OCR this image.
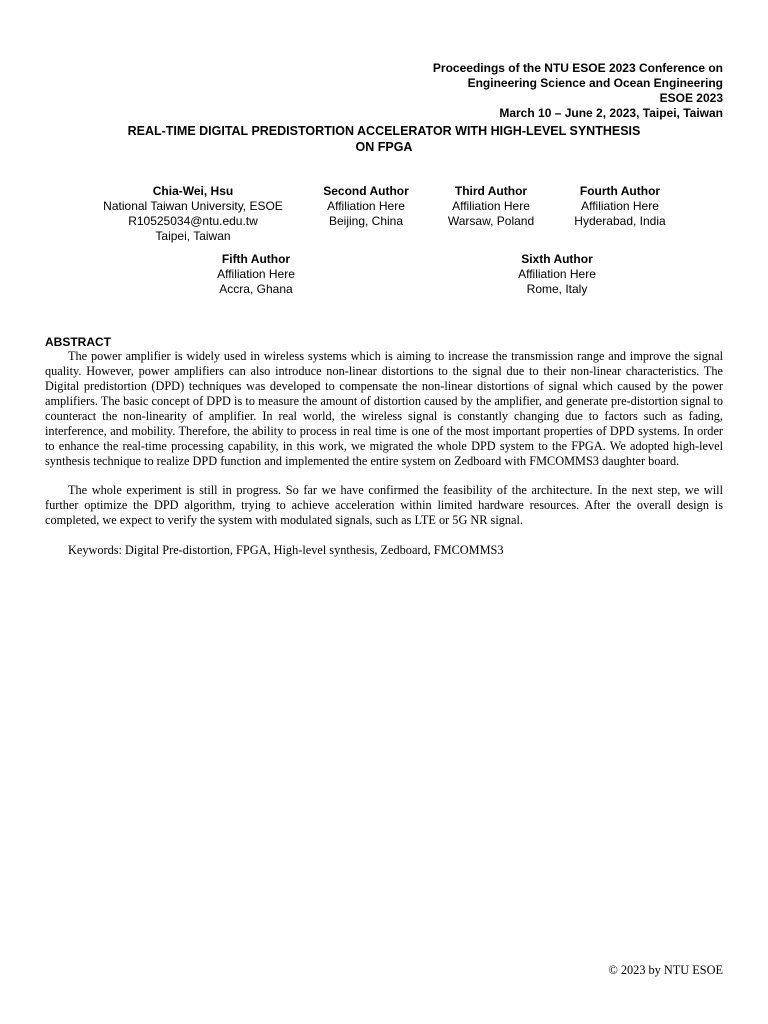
Proceedings of the NTU ESOE 2023 Conference on
Engineering Science and Ocean Engineering
ESOE 2023
March 10 – June 2, 2023, Taipei, Taiwan
REAL-TIME DIGITAL PREDISTORTION ACCELERATOR WITH HIGH-LEVEL SYNTHESIS
ON FPGA
Chia-Wei, Hsu
National Taiwan University, ESOE
R10525034@ntu.edu.tw
Taipei, Taiwan
Second Author
Affiliation Here
Beijing, China
Third Author
Affiliation Here
Warsaw, Poland
Fourth Author
Affiliation Here
Hyderabad, India
Fifth Author
Affiliation Here
Accra, Ghana
Sixth Author
Affiliation Here
Rome, Italy
ABSTRACT
The power amplifier is widely used in wireless systems which is aiming to increase the transmission range and improve the signal quality. However, power amplifiers can also introduce non-linear distortions to the signal due to their non-linear characteristics. The Digital predistortion (DPD) techniques was developed to compensate the non-linear distortions of signal which caused by the power amplifiers. The basic concept of DPD is to measure the amount of distortion caused by the amplifier, and generate pre-distortion signal to counteract the non-linearity of amplifier. In real world, the wireless signal is constantly changing due to factors such as fading, interference, and mobility. Therefore, the ability to process in real time is one of the most important properties of DPD systems. In order to enhance the real-time processing capability, in this work, we migrated the whole DPD system to the FPGA. We adopted high-level synthesis technique to realize DPD function and implemented the entire system on Zedboard with FMCOMMS3 daughter board.
The whole experiment is still in progress. So far we have confirmed the feasibility of the architecture. In the next step, we will further optimize the DPD algorithm, trying to achieve acceleration within limited hardware resources. After the overall design is completed, we expect to verify the system with modulated signals, such as LTE or 5G NR signal.
Keywords: Digital Pre-distortion, FPGA, High-level synthesis, Zedboard, FMCOMMS3
© 2023 by NTU ESOE
